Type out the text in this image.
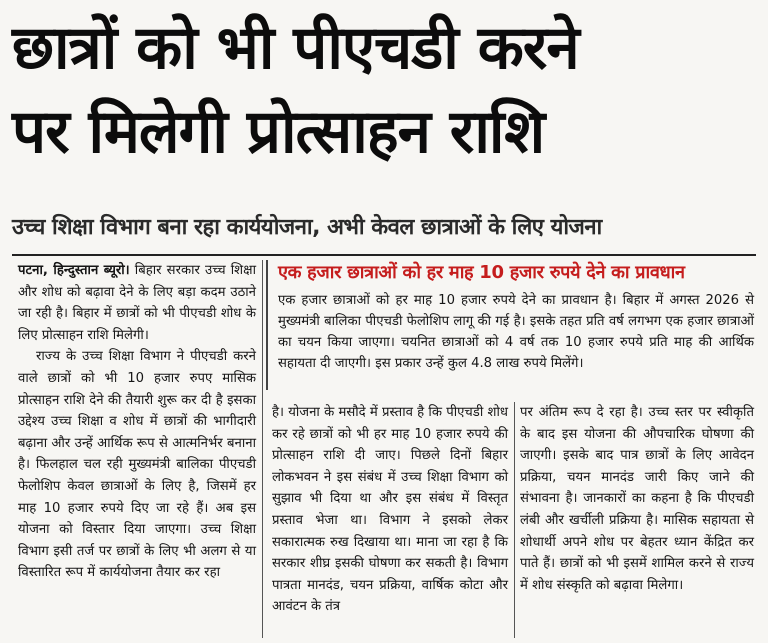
छात्रों को भी पीएचडी करने
पर मिलेगी प्रोत्साहन राशि
उच्च शिक्षा विभाग बना रहा कार्ययोजना, अभी केवल छात्राओं के लिए योजना

पटना, हिन्दुस्तान ब्यूरो। बिहार सरकार उच्च शिक्षा और शोध को बढ़ावा देने के लिए बड़ा कदम उठाने जा रही है। बिहार में छात्रों को भी पीएचडी शोध के लिए प्रोत्साहन राशि मिलेगी।

राज्य के उच्च शिक्षा विभाग ने पीएचडी करने वाले छात्रों को भी 10 हजार रुपए मासिक प्रोत्साहन राशि देने की तैयारी शुरू कर दी है इसका उद्देश्य उच्च शिक्षा व शोध में छात्रों की भागीदारी बढ़ाना और उन्हें आर्थिक रूप से आत्मनिर्भर बनाना है। फिलहाल चल रही मुख्यमंत्री बालिका पीएचडी फेलोशिप केवल छात्राओं के लिए है, जिसमें हर माह 10 हजार रुपये दिए जा रहे हैं। अब इस योजना को विस्तार दिया जाएगा। उच्च शिक्षा विभाग इसी तर्ज पर छात्रों के लिए भी अलग से या विस्तारित रूप में कार्ययोजना तैयार कर रहा

एक हजार छात्राओं को हर माह 10 हजार रुपये देने का प्रावधान

एक हजार छात्राओं को हर माह 10 हजार रुपये देने का प्रावधान है। बिहार में अगस्त 2026 से मुख्यमंत्री बालिका पीएचडी फेलोशिप लागू की गई है। इसके तहत प्रति वर्ष लगभग एक हजार छात्राओं का चयन किया जाएगा। चयनित छात्राओं को 4 वर्ष तक 10 हजार रुपये प्रति माह की आर्थिक सहायता दी जाएगी। इस प्रकार उन्हें कुल 4.8 लाख रुपये मिलेंगे।

है। योजना के मसौदे में प्रस्ताव है कि पीएचडी शोध कर रहे छात्रों को भी हर माह 10 हजार रुपये की प्रोत्साहन राशि दी जाए। पिछले दिनों बिहार लोकभवन ने इस संबंध में उच्च शिक्षा विभाग को सुझाव भी दिया था और इस संबंध में विस्तृत प्रस्ताव भेजा था। विभाग ने इसको लेकर सकारात्मक रुख दिखाया था। माना जा रहा है कि सरकार शीघ्र इसकी घोषणा कर सकती है। विभाग पात्रता मानदंड, चयन प्रक्रिया, वार्षिक कोटा और आवंटन के तंत्र

पर अंतिम रूप दे रहा है। उच्च स्तर पर स्वीकृति के बाद इस योजना की औपचारिक घोषणा की जाएगी। इसके बाद पात्र छात्रों के लिए आवेदन प्रक्रिया, चयन मानदंड जारी किए जाने की संभावना है। जानकारों का कहना है कि पीएचडी लंबी और खर्चीली प्रक्रिया है। मासिक सहायता से शोधार्थी अपने शोध पर बेहतर ध्यान केंद्रित कर पाते हैं। छात्रों को भी इसमें शामिल करने से राज्य में शोध संस्कृति को बढ़ावा मिलेगा।
